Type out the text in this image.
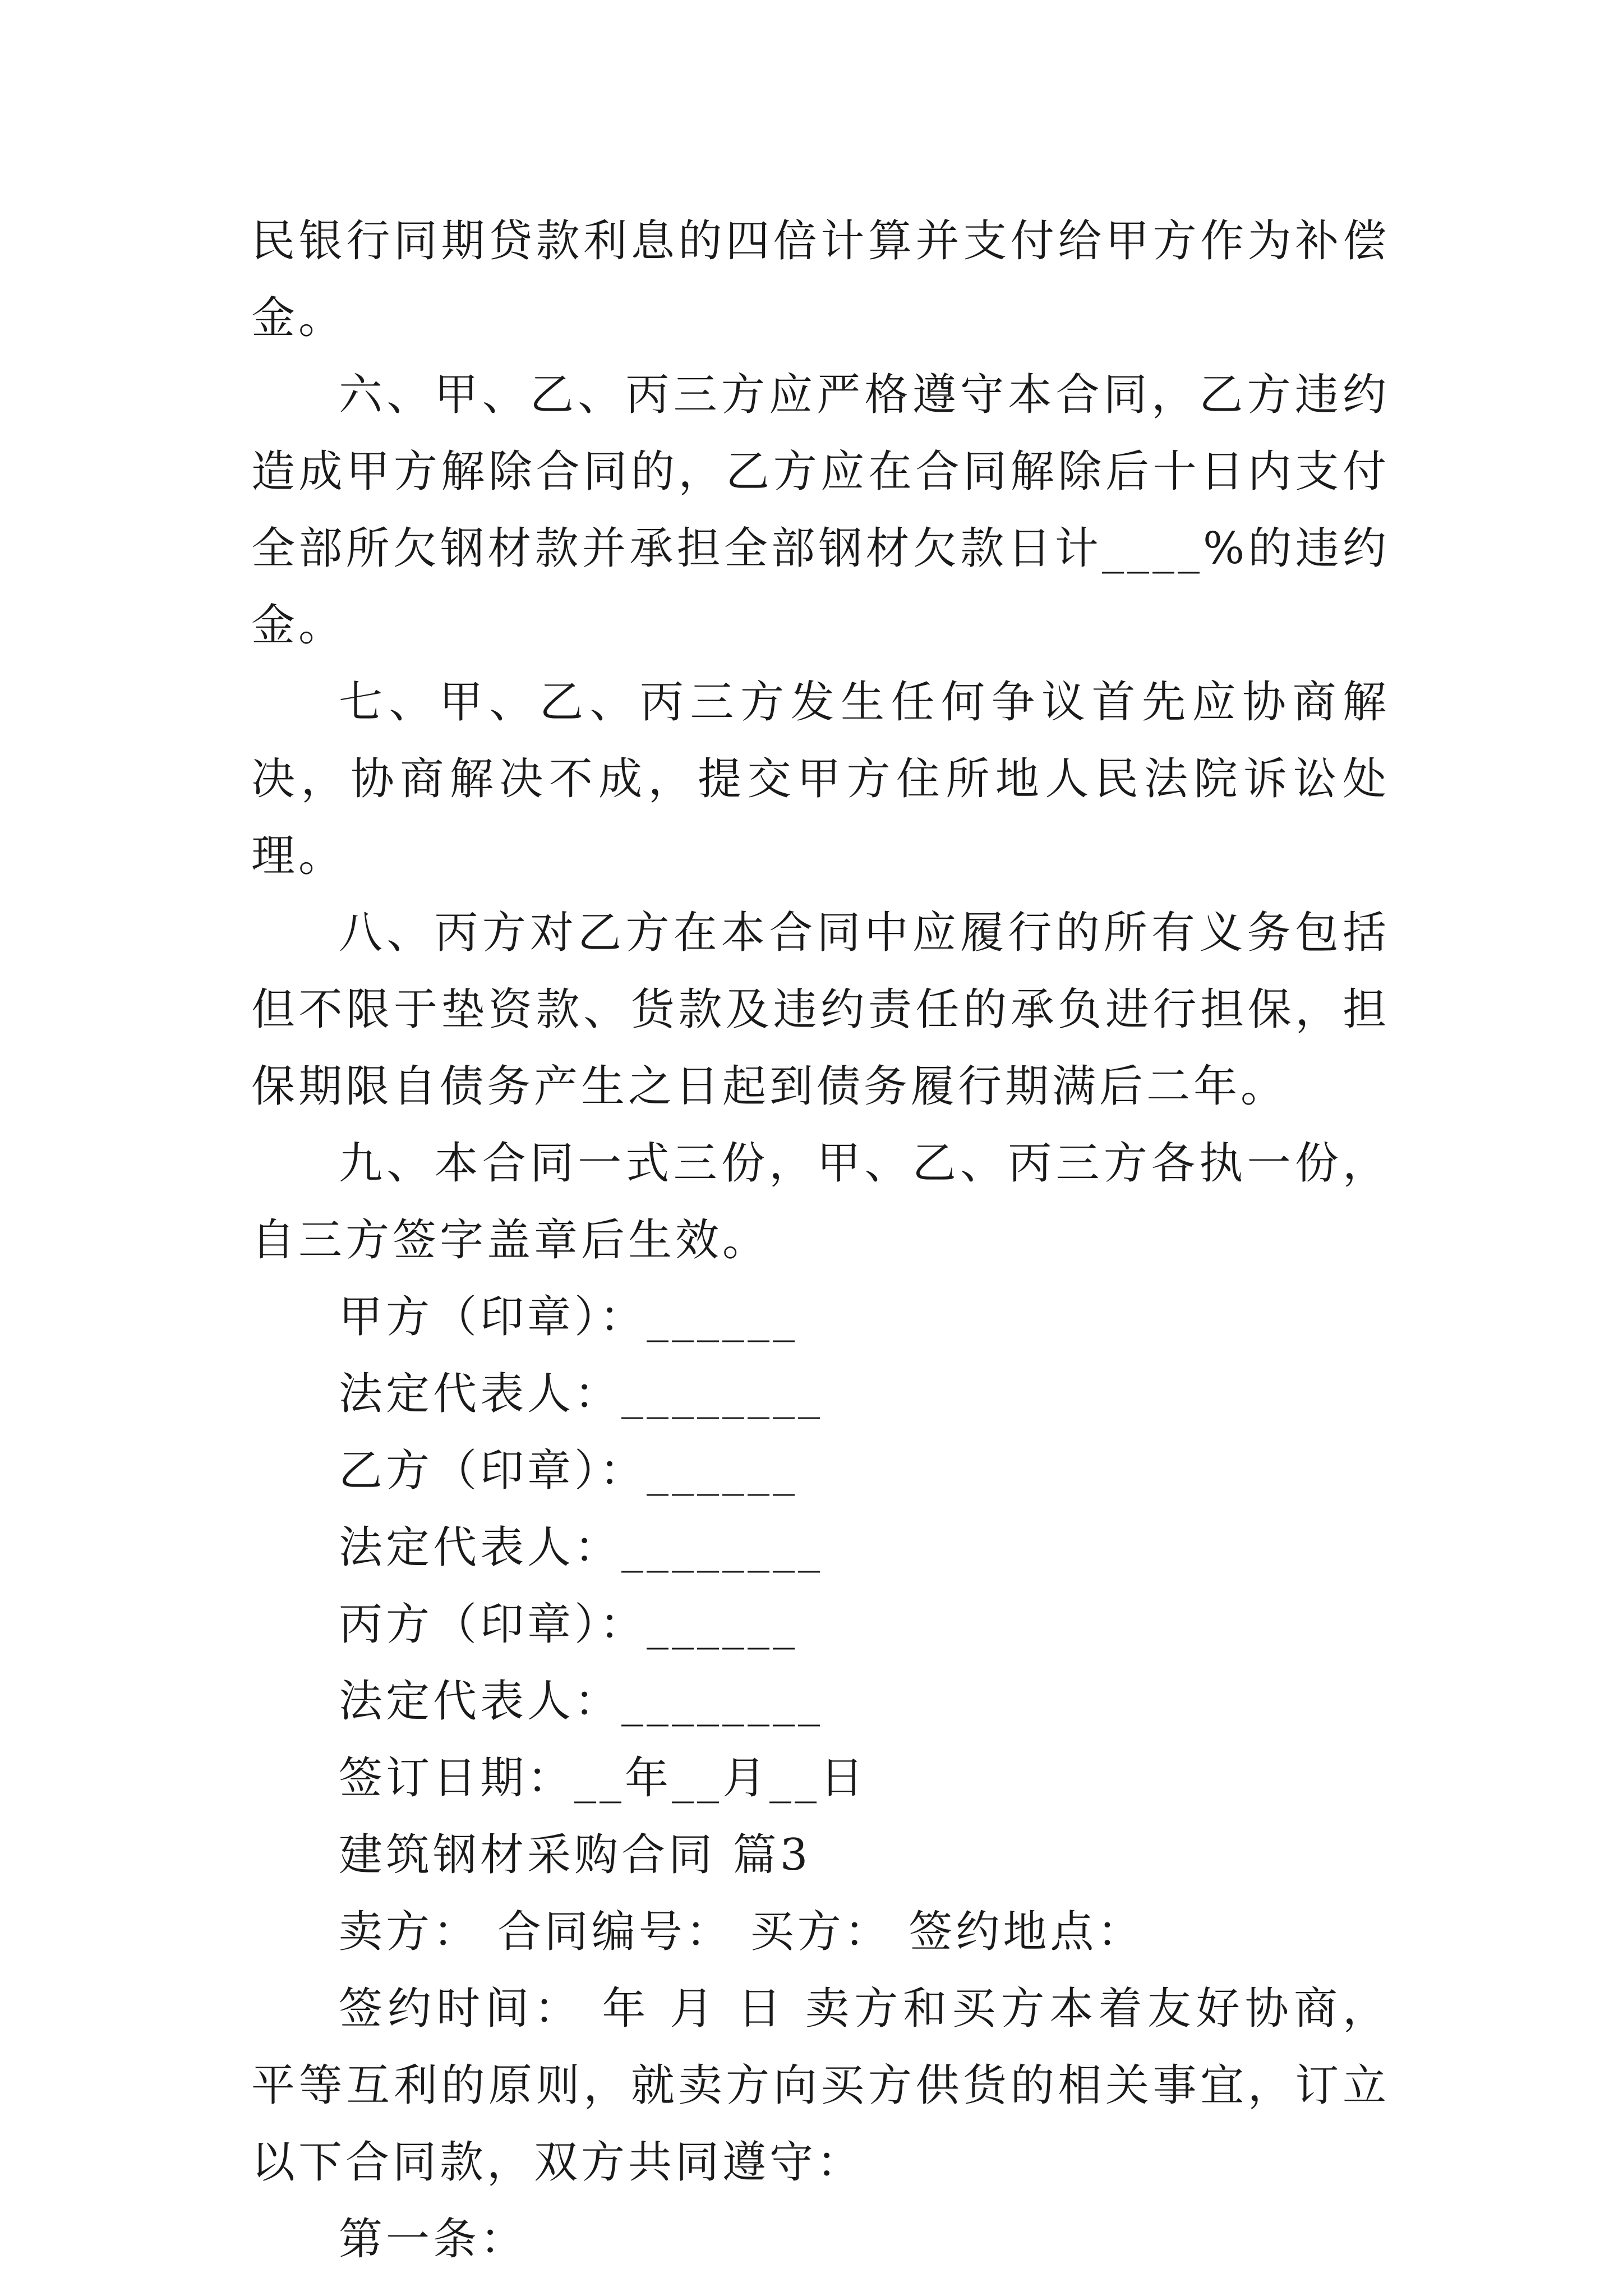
民银行同期贷款利息的四倍计算并支付给甲方作为补偿金。

六、甲、乙、丙三方应严格遵守本合同，乙方违约造成甲方解除合同的，乙方应在合同解除后十日内支付全部所欠钢材款并承担全部钢材欠款日计____%的违约金。

七、甲、乙、丙三方发生任何争议首先应协商解决，协商解决不成，提交甲方住所地人民法院诉讼处理。

八、丙方对乙方在本合同中应履行的所有义务包括但不限于垫资款、货款及违约责任的承负进行担保，担保期限自债务产生之日起到债务履行期满后二年。

九、本合同一式三份，甲、乙、丙三方各执一份，自三方签字盖章后生效。

甲方（印章）：______

法定代表人：________

乙方（印章）：______

法定代表人：________

丙方（印章）：______

法定代表人：________

签订日期：__年__月__日

建筑钢材采购合同 篇3

卖方： 合同编号： 买方： 签约地点：

签约时间： 年 月 日 卖方和买方本着友好协商，平等互利的原则，就卖方向买方供货的相关事宜，订立以下合同款，双方共同遵守：

第一条：
